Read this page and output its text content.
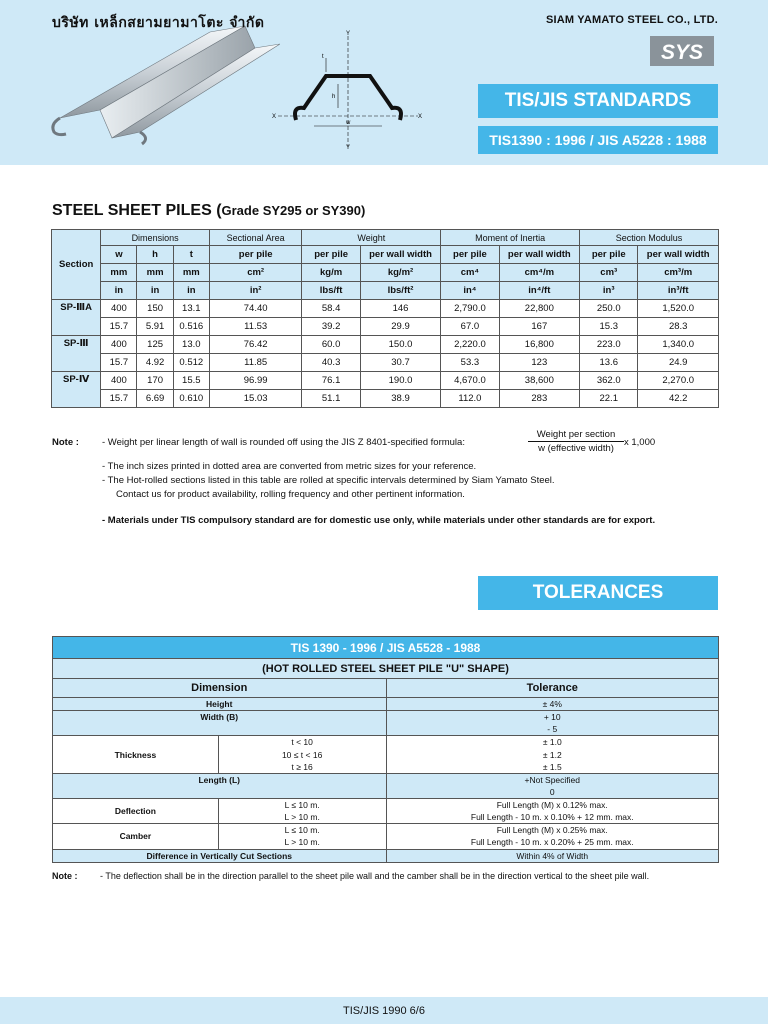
Y
Y
X	X
t
h
w
บริษัท เหล็กสยามยามาโตะ จำกัด	SIAM YAMATO STEEL CO., LTD.
SYS
TIS/JIS STANDARDS
TIS1390 : 1996 / JIS A5228 : 1988
STEEL SHEET PILES (Grade SY295 or SY390)
Section	Dimensions			Sectional Area	Weight		Moment of Inertia		Section Modulus	
	w	h	t	per pile	per pile	per wall width	per pile	per wall width	per pile	per wall width
	mm	mm	mm	cm²	kg/m	kg/m²	cm⁴	cm⁴/m	cm³	cm³/m
	in	in	in	in²	lbs/ft	lbs/ft²	in⁴	in⁴/ft	in³	in³/ft
SP-ⅢA	400	150	13.1	74.40	58.4	146	2,790.0	22,800	250.0	1,520.0
	15.7	5.91	0.516	11.53	39.2	29.9	67.0	167	15.3	28.3
SP-Ⅲ	400	125	13.0	76.42	60.0	150.0	2,220.0	16,800	223.0	1,340.0
	15.7	4.92	0.512	11.85	40.3	30.7	53.3	123	13.6	24.9
SP-Ⅳ	400	170	15.5	96.99	76.1	190.0	4,670.0	38,600	362.0	2,270.0
	15.7	6.69	0.610	15.03	51.1	38.9	112.0	283	22.1	42.2
Note : - Weight per linear length of wall is rounded off using the JIS Z 8401-specified formula:
Weight per section
w (effective width)
x 1,000
- The inch sizes printed in dotted area are converted from metric sizes for your reference.
- The Hot-rolled sections listed in this table are rolled at specific intervals determined by Siam Yamato Steel.
Contact us for product availability, rolling frequency and other pertinent information.
- Materials under TIS compulsory standard are for domestic use only, while materials under other standards are for export.
TOLERANCES
TIS 1390 - 1996 / JIS A5528 - 1988		
(HOT ROLLED STEEL SHEET PILE "U" SHAPE)		
Dimension		Tolerance
Height		± 4%
Width (B)		+ 10
		- 5
Thickness	t < 10	± 1.0
	10 ≤ t < 16	± 1.2
	t ≥ 16	± 1.5
Length (L)		+Not Specified
		0
Deflection	L ≤ 10 m.	Full Length (M) x 0.12% max.
	L > 10 m.	Full Length - 10 m. x 0.10% + 12 mm. max.
Camber	L ≤ 10 m.	Full Length (M) x 0.25% max.
	L > 10 m.	Full Length - 10 m. x 0.20% + 25 mm. max.
Difference in Vertically Cut Sections		Within 4% of Width
Note :	- The deflection shall be in the direction parallel to the sheet pile wall and the camber shall be in the direction vertical to the sheet pile wall.
TIS/JIS 1990 6/6
